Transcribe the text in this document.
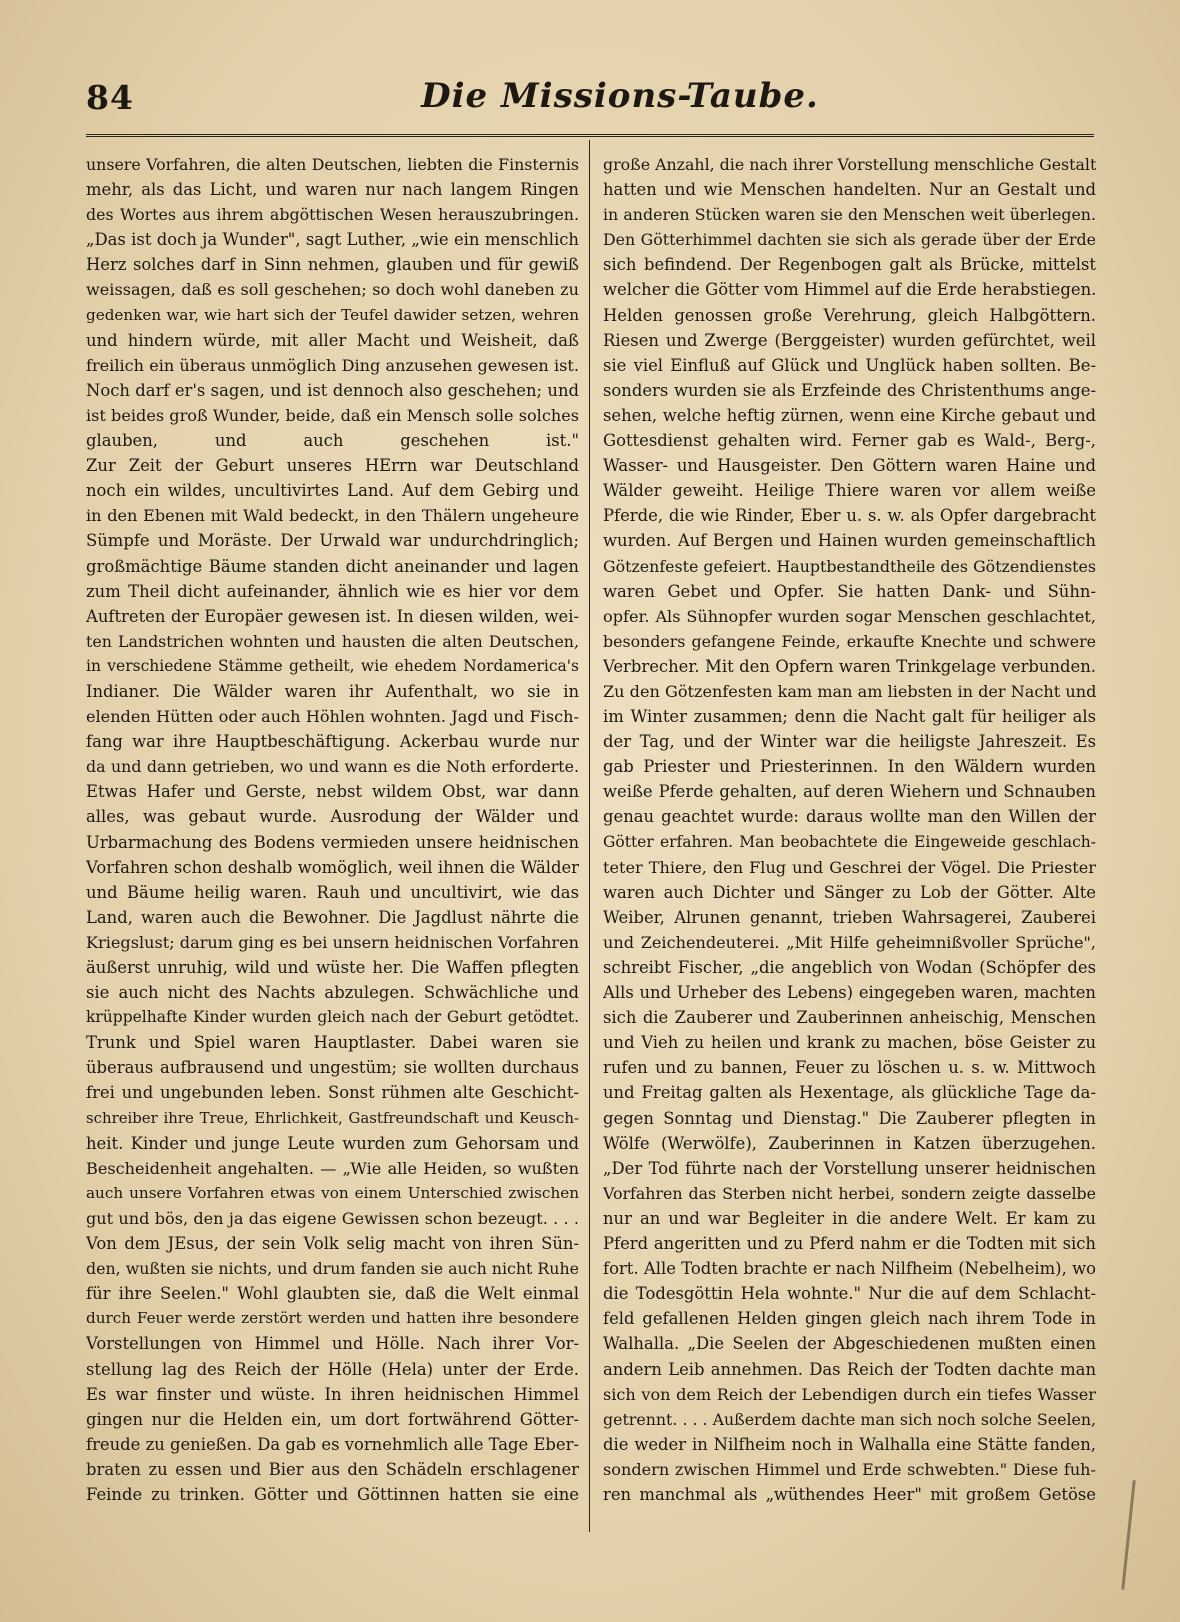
84	Die Missions-Taube.
unsere Vorfahren, die alten Deutschen, liebten die Finsternis
mehr, als das Licht, und waren nur nach langem Ringen
des Wortes aus ihrem abgöttischen Wesen herauszubringen.
„Das ist doch ja Wunder", sagt Luther, „wie ein menschlich
Herz solches darf in Sinn nehmen, glauben und für gewiß
weissagen, daß es soll geschehen; so doch wohl daneben zu
gedenken war, wie hart sich der Teufel dawider setzen, wehren
und hindern würde, mit aller Macht und Weisheit, daß
freilich ein überaus unmöglich Ding anzusehen gewesen ist.
Noch darf er's sagen, und ist dennoch also geschehen; und
ist beides groß Wunder, beide, daß ein Mensch solle solches
glauben, und auch geschehen ist."
Zur Zeit der Geburt unseres HErrn war Deutschland
noch ein wildes, uncultivirtes Land. Auf dem Gebirg und
in den Ebenen mit Wald bedeckt, in den Thälern ungeheure
Sümpfe und Moräste. Der Urwald war undurchdringlich;
großmächtige Bäume standen dicht aneinander und lagen
zum Theil dicht aufeinander, ähnlich wie es hier vor dem
Auftreten der Europäer gewesen ist. In diesen wilden, wei-
ten Landstrichen wohnten und hausten die alten Deutschen,
in verschiedene Stämme getheilt, wie ehedem Nordamerica's
Indianer. Die Wälder waren ihr Aufenthalt, wo sie in
elenden Hütten oder auch Höhlen wohnten. Jagd und Fisch-
fang war ihre Hauptbeschäftigung. Ackerbau wurde nur
da und dann getrieben, wo und wann es die Noth erforderte.
Etwas Hafer und Gerste, nebst wildem Obst, war dann
alles, was gebaut wurde. Ausrodung der Wälder und
Urbarmachung des Bodens vermieden unsere heidnischen
Vorfahren schon deshalb womöglich, weil ihnen die Wälder
und Bäume heilig waren. Rauh und uncultivirt, wie das
Land, waren auch die Bewohner. Die Jagdlust nährte die
Kriegslust; darum ging es bei unsern heidnischen Vorfahren
äußerst unruhig, wild und wüste her. Die Waffen pflegten
sie auch nicht des Nachts abzulegen. Schwächliche und
krüppelhafte Kinder wurden gleich nach der Geburt getödtet.
Trunk und Spiel waren Hauptlaster. Dabei waren sie
überaus aufbrausend und ungestüm; sie wollten durchaus
frei und ungebunden leben. Sonst rühmen alte Geschicht-
schreiber ihre Treue, Ehrlichkeit, Gastfreundschaft und Keusch-
heit. Kinder und junge Leute wurden zum Gehorsam und
Bescheidenheit angehalten. — „Wie alle Heiden, so wußten
auch unsere Vorfahren etwas von einem Unterschied zwischen
gut und bös, den ja das eigene Gewissen schon bezeugt. . . .
Von dem JEsus, der sein Volk selig macht von ihren Sün-
den, wußten sie nichts, und drum fanden sie auch nicht Ruhe
für ihre Seelen." Wohl glaubten sie, daß die Welt einmal
durch Feuer werde zerstört werden und hatten ihre besondere
Vorstellungen von Himmel und Hölle. Nach ihrer Vor-
stellung lag des Reich der Hölle (Hela) unter der Erde.
Es war finster und wüste. In ihren heidnischen Himmel
gingen nur die Helden ein, um dort fortwährend Götter-
freude zu genießen. Da gab es vornehmlich alle Tage Eber-
braten zu essen und Bier aus den Schädeln erschlagener
Feinde zu trinken. Götter und Göttinnen hatten sie eine
große Anzahl, die nach ihrer Vorstellung menschliche Gestalt
hatten und wie Menschen handelten. Nur an Gestalt und
in anderen Stücken waren sie den Menschen weit überlegen.
Den Götterhimmel dachten sie sich als gerade über der Erde
sich befindend. Der Regenbogen galt als Brücke, mittelst
welcher die Götter vom Himmel auf die Erde herabstiegen.
Helden genossen große Verehrung, gleich Halbgöttern.
Riesen und Zwerge (Berggeister) wurden gefürchtet, weil
sie viel Einfluß auf Glück und Unglück haben sollten. Be-
sonders wurden sie als Erzfeinde des Christenthums ange-
sehen, welche heftig zürnen, wenn eine Kirche gebaut und
Gottesdienst gehalten wird. Ferner gab es Wald-, Berg-,
Wasser- und Hausgeister. Den Göttern waren Haine und
Wälder geweiht. Heilige Thiere waren vor allem weiße
Pferde, die wie Rinder, Eber u. s. w. als Opfer dargebracht
wurden. Auf Bergen und Hainen wurden gemeinschaftlich
Götzenfeste gefeiert. Hauptbestandtheile des Götzendienstes
waren Gebet und Opfer. Sie hatten Dank- und Sühn-
opfer. Als Sühnopfer wurden sogar Menschen geschlachtet,
besonders gefangene Feinde, erkaufte Knechte und schwere
Verbrecher. Mit den Opfern waren Trinkgelage verbunden.
Zu den Götzenfesten kam man am liebsten in der Nacht und
im Winter zusammen; denn die Nacht galt für heiliger als
der Tag, und der Winter war die heiligste Jahreszeit. Es
gab Priester und Priesterinnen. In den Wäldern wurden
weiße Pferde gehalten, auf deren Wiehern und Schnauben
genau geachtet wurde: daraus wollte man den Willen der
Götter erfahren. Man beobachtete die Eingeweide geschlach-
teter Thiere, den Flug und Geschrei der Vögel. Die Priester
waren auch Dichter und Sänger zu Lob der Götter. Alte
Weiber, Alrunen genannt, trieben Wahrsagerei, Zauberei
und Zeichendeuterei. „Mit Hilfe geheimnißvoller Sprüche",
schreibt Fischer, „die angeblich von Wodan (Schöpfer des
Alls und Urheber des Lebens) eingegeben waren, machten
sich die Zauberer und Zauberinnen anheischig, Menschen
und Vieh zu heilen und krank zu machen, böse Geister zu
rufen und zu bannen, Feuer zu löschen u. s. w. Mittwoch
und Freitag galten als Hexentage, als glückliche Tage da-
gegen Sonntag und Dienstag." Die Zauberer pflegten in
Wölfe (Werwölfe), Zauberinnen in Katzen überzugehen.
„Der Tod führte nach der Vorstellung unserer heidnischen
Vorfahren das Sterben nicht herbei, sondern zeigte dasselbe
nur an und war Begleiter in die andere Welt. Er kam zu
Pferd angeritten und zu Pferd nahm er die Todten mit sich
fort. Alle Todten brachte er nach Nilfheim (Nebelheim), wo
die Todesgöttin Hela wohnte." Nur die auf dem Schlacht-
feld gefallenen Helden gingen gleich nach ihrem Tode in
Walhalla. „Die Seelen der Abgeschiedenen mußten einen
andern Leib annehmen. Das Reich der Todten dachte man
sich von dem Reich der Lebendigen durch ein tiefes Wasser
getrennt. . . . Außerdem dachte man sich noch solche Seelen,
die weder in Nilfheim noch in Walhalla eine Stätte fanden,
sondern zwischen Himmel und Erde schwebten." Diese fuh-
ren manchmal als „wüthendes Heer" mit großem Getöse
